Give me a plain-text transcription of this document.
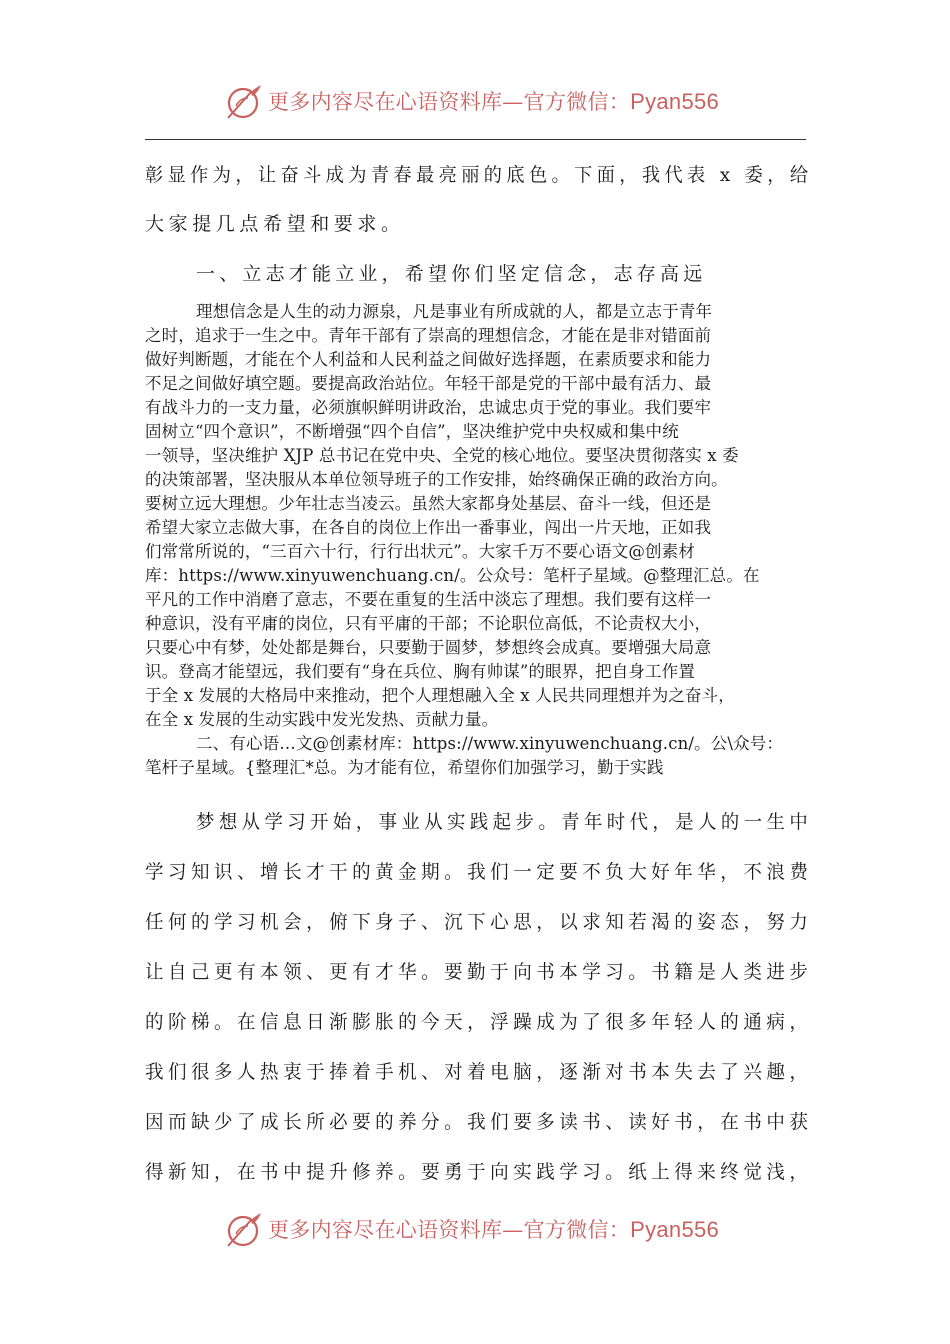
更多内容尽在心语资料库—官方微信：Pyan556
彰显作为，让奋斗成为青春最亮丽的底色。下面，我代表 x 委，给
大家提几点希望和要求。
一、立志才能立业，希望你们坚定信念，志存高远
理想信念是人生的动力源泉，凡是事业有所成就的人，都是立志于青年
之时，追求于一生之中。青年干部有了崇高的理想信念，才能在是非对错面前
做好判断题，才能在个人利益和人民利益之间做好选择题，在素质要求和能力
不足之间做好填空题。要提高政治站位。年轻干部是党的干部中最有活力、最
有战斗力的一支力量，必须旗帜鲜明讲政治，忠诚忠贞于党的事业。我们要牢
固树立“四个意识”，不断增强“四个自信”，坚决维护党中央权威和集中统
一领导，坚决维护 XJP 总书记在党中央、全党的核心地位。要坚决贯彻落实 x 委
的决策部署，坚决服从本单位领导班子的工作安排，始终确保正确的政治方向。
要树立远大理想。少年壮志当凌云。虽然大家都身处基层、奋斗一线，但还是
希望大家立志做大事，在各自的岗位上作出一番事业，闯出一片天地，正如我
们常常所说的，“三百六十行，行行出状元”。大家千万不要心语文@创素材
库：https://www.xinyuwenchuang.cn/。公众号：笔杆子星域。@整理汇总。在
平凡的工作中消磨了意志，不要在重复的生活中淡忘了理想。我们要有这样一
种意识，没有平庸的岗位，只有平庸的干部；不论职位高低，不论责权大小，
只要心中有梦，处处都是舞台，只要勤于圆梦，梦想终会成真。要增强大局意
识。登高才能望远，我们要有“身在兵位、胸有帅谋”的眼界，把自身工作置
于全 x 发展的大格局中来推动，把个人理想融入全 x 人民共同理想并为之奋斗，
在全 x 发展的生动实践中发光发热、贡献力量。
二、有心语…文@创素材库：https://www.xinyuwenchuang.cn/。公\众号：
笔杆子星域。{整理汇*总。为才能有位，希望你们加强学习，勤于实践
梦想从学习开始，事业从实践起步。青年时代，是人的一生中
学习知识、增长才干的黄金期。我们一定要不负大好年华，不浪费
任何的学习机会，俯下身子、沉下心思，以求知若渴的姿态，努力
让自己更有本领、更有才华。要勤于向书本学习。书籍是人类进步
的阶梯。在信息日渐膨胀的今天，浮躁成为了很多年轻人的通病，
我们很多人热衷于捧着手机、对着电脑，逐渐对书本失去了兴趣，
因而缺少了成长所必要的养分。我们要多读书、读好书，在书中获
得新知，在书中提升修养。要勇于向实践学习。纸上得来终觉浅，
更多内容尽在心语资料库—官方微信：Pyan556
